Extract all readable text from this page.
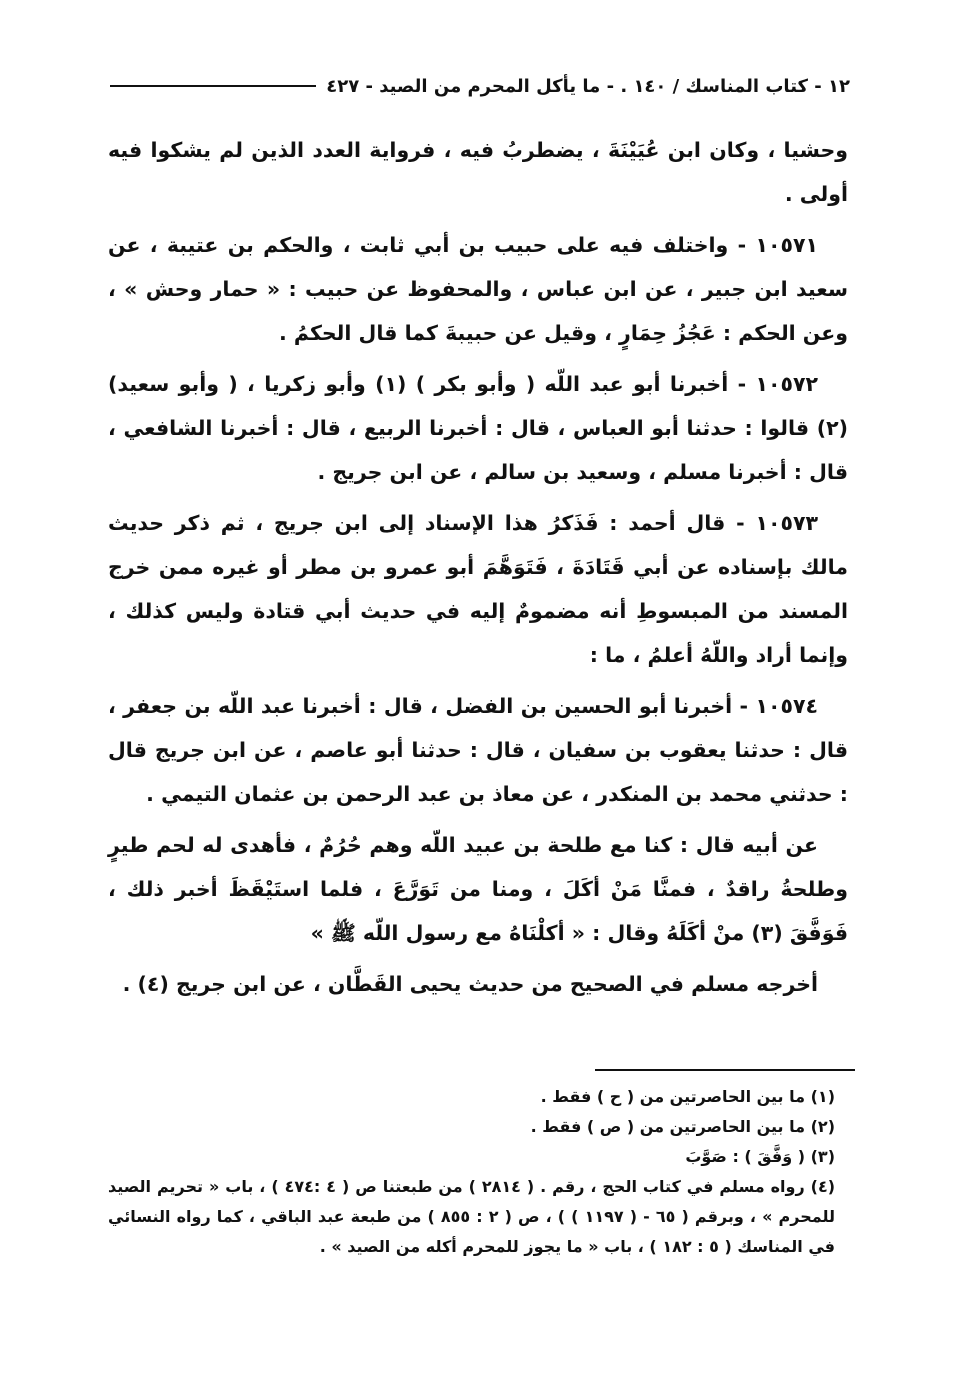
١٢ - كتاب المناسك / ١٤٠ . - ما يأكل المحرم من الصيد - ٤٢٧

وحشيا ، وكان ابن عُيَيْنَةَ ، يضطربُ فيه ، فرواية العدد الذين لم يشكوا فيه أولى .

١٠٥٧١ - واختلف فيه على حبيب بن أبي ثابت ، والحكم بن عتيبة ، عن سعيد ابن جبير ، عن ابن عباس ، والمحفوظ عن حبيب : « حمار وحش » ، وعن الحكم : عَجُزُ حِمَارٍ ، وقيل عن حبيبةَ كما قال الحكمُ .

١٠٥٧٢ - أخبرنا أبو عبد اللّه ( وأبو بكر ) (١) وأبو زكريا ، ( وأبو سعيد) (٢) قالوا : حدثنا أبو العباس ، قال : أخبرنا الربيع ، قال : أخبرنا الشافعي ، قال : أخبرنا مسلم ، وسعيد بن سالم ، عن ابن جريج .

١٠٥٧٣ - قال أحمد : فَذَكرُ هذا الإسناد إلى ابن جريج ، ثم ذكر حديث مالك بإسناده عن أبي قَتَادَةَ ، فَتَوَهَّمَ أبو عمرو بن مطر أو غيره ممن خرج المسند من المبسوطِ أنه مضمومٌ إليه في حديث أبي قتادة وليس كذلك ، وإنما أراد واللّهُ أعلمُ ، ما :

١٠٥٧٤ - أخبرنا أبو الحسين بن الفضل ، قال : أخبرنا عبد اللّه بن جعفر ، قال : حدثنا يعقوب بن سفيان ، قال : حدثنا أبو عاصم ، عن ابن جريج قال : حدثني محمد بن المنكدر ، عن معاذ بن عبد الرحمن بن عثمان التيمي .

عن أبيه قال : كنا مع طلحة بن عبيد اللّه وهم حُرُمٌ ، فأهدى له لحم طيرٍ وطلحةُ راقدٌ ، فمنَّا مَنْ أكَلَ ، ومنا من تَوَرَّعَ ، فلما استَيْقَظَ أخبر ذلك ، فَوَفَّقَ (٣) منْ أكَلَهُ وقال : « أكلْنَاهُ مع رسول اللّه ﷺ »

أخرجه مسلم في الصحيح من حديث يحيى القَطَّان ، عن ابن جريج (٤) .

(١) ما بين الحاصرتين من ( ح ) فقط .

(٢) ما بين الحاصرتين من ( ص ) فقط .

(٣) ( وَفَّقَ ) : صَوَّبَ

(٤) رواه مسلم في كتاب الحج ، رقم . ( ٢٨١٤ ) من طبعتنا ص ( ٤ :٤٧٤ ) ، باب « تحريم الصيد للمحرم » ، وبرقم ( ٦٥ - ( ١١٩٧ ) ) ، ص ( ٢ : ٨٥٥ ) من طبعة عبد الباقي ، كما رواه النسائي في المناسك ( ٥ : ١٨٢ ) ، باب « ما يجوز للمحرم أكله من الصيد » .
